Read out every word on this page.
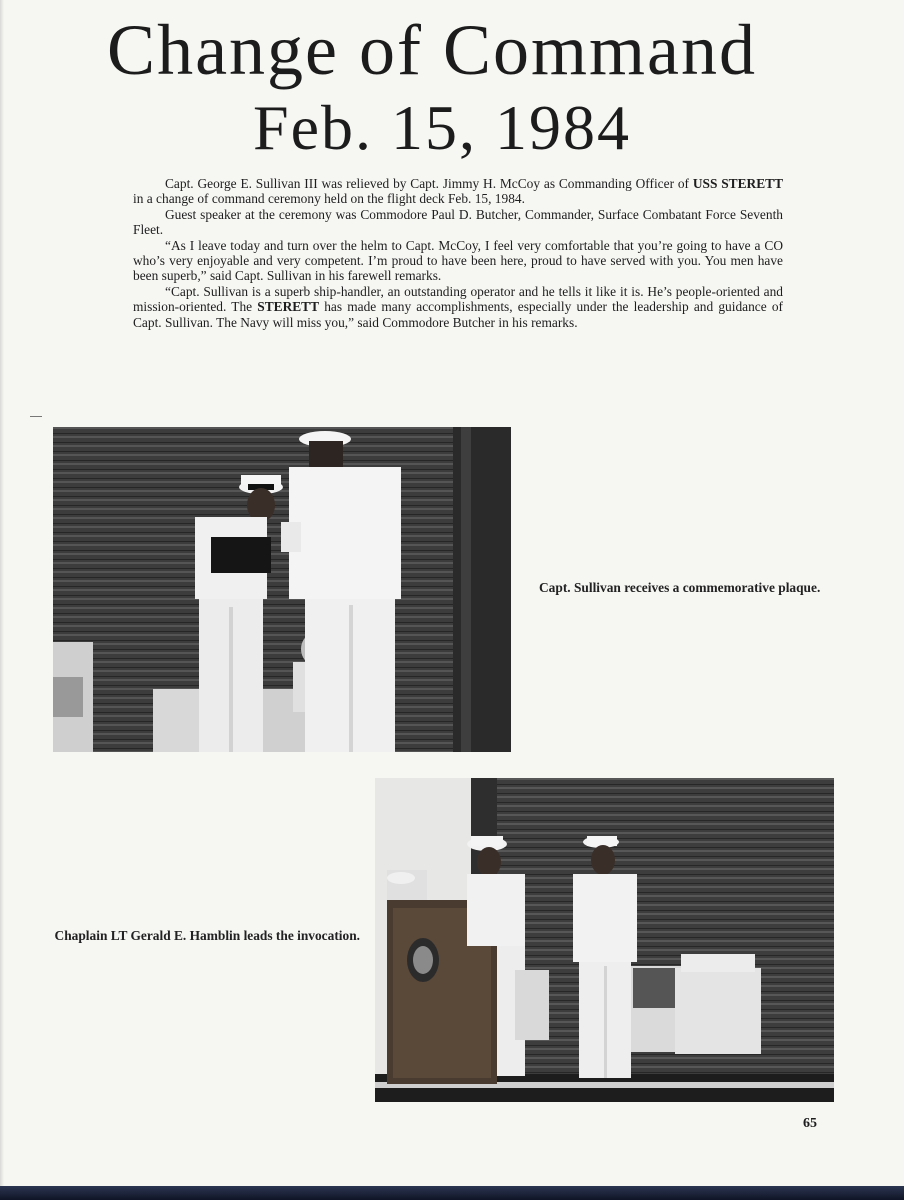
Change of Command
Feb. 15, 1984

Capt. George E. Sullivan III was relieved by Capt. Jimmy H. McCoy as Commanding Officer of USS STERETT in a change of command ceremony held on the flight deck Feb. 15, 1984.

Guest speaker at the ceremony was Commodore Paul D. Butcher, Commander, Surface Combatant Force Seventh Fleet.

“As I leave today and turn over the helm to Capt. McCoy, I feel very comfortable that you’re going to have a CO who’s very enjoyable and very competent. I’m proud to have been here, proud to have served with you. You men have been superb,” said Capt. Sullivan in his farewell remarks.

“Capt. Sullivan is a superb ship-handler, an outstanding operator and he tells it like it is. He’s people-oriented and mission-oriented. The STERETT has made many accomplishments, especially under the leadership and guidance of Capt. Sullivan. The Navy will miss you,” said Commodore Butcher in his remarks.

Capt. Sullivan receives a commemorative plaque.

Chaplain LT Gerald E. Hamblin leads the invocation.

65
